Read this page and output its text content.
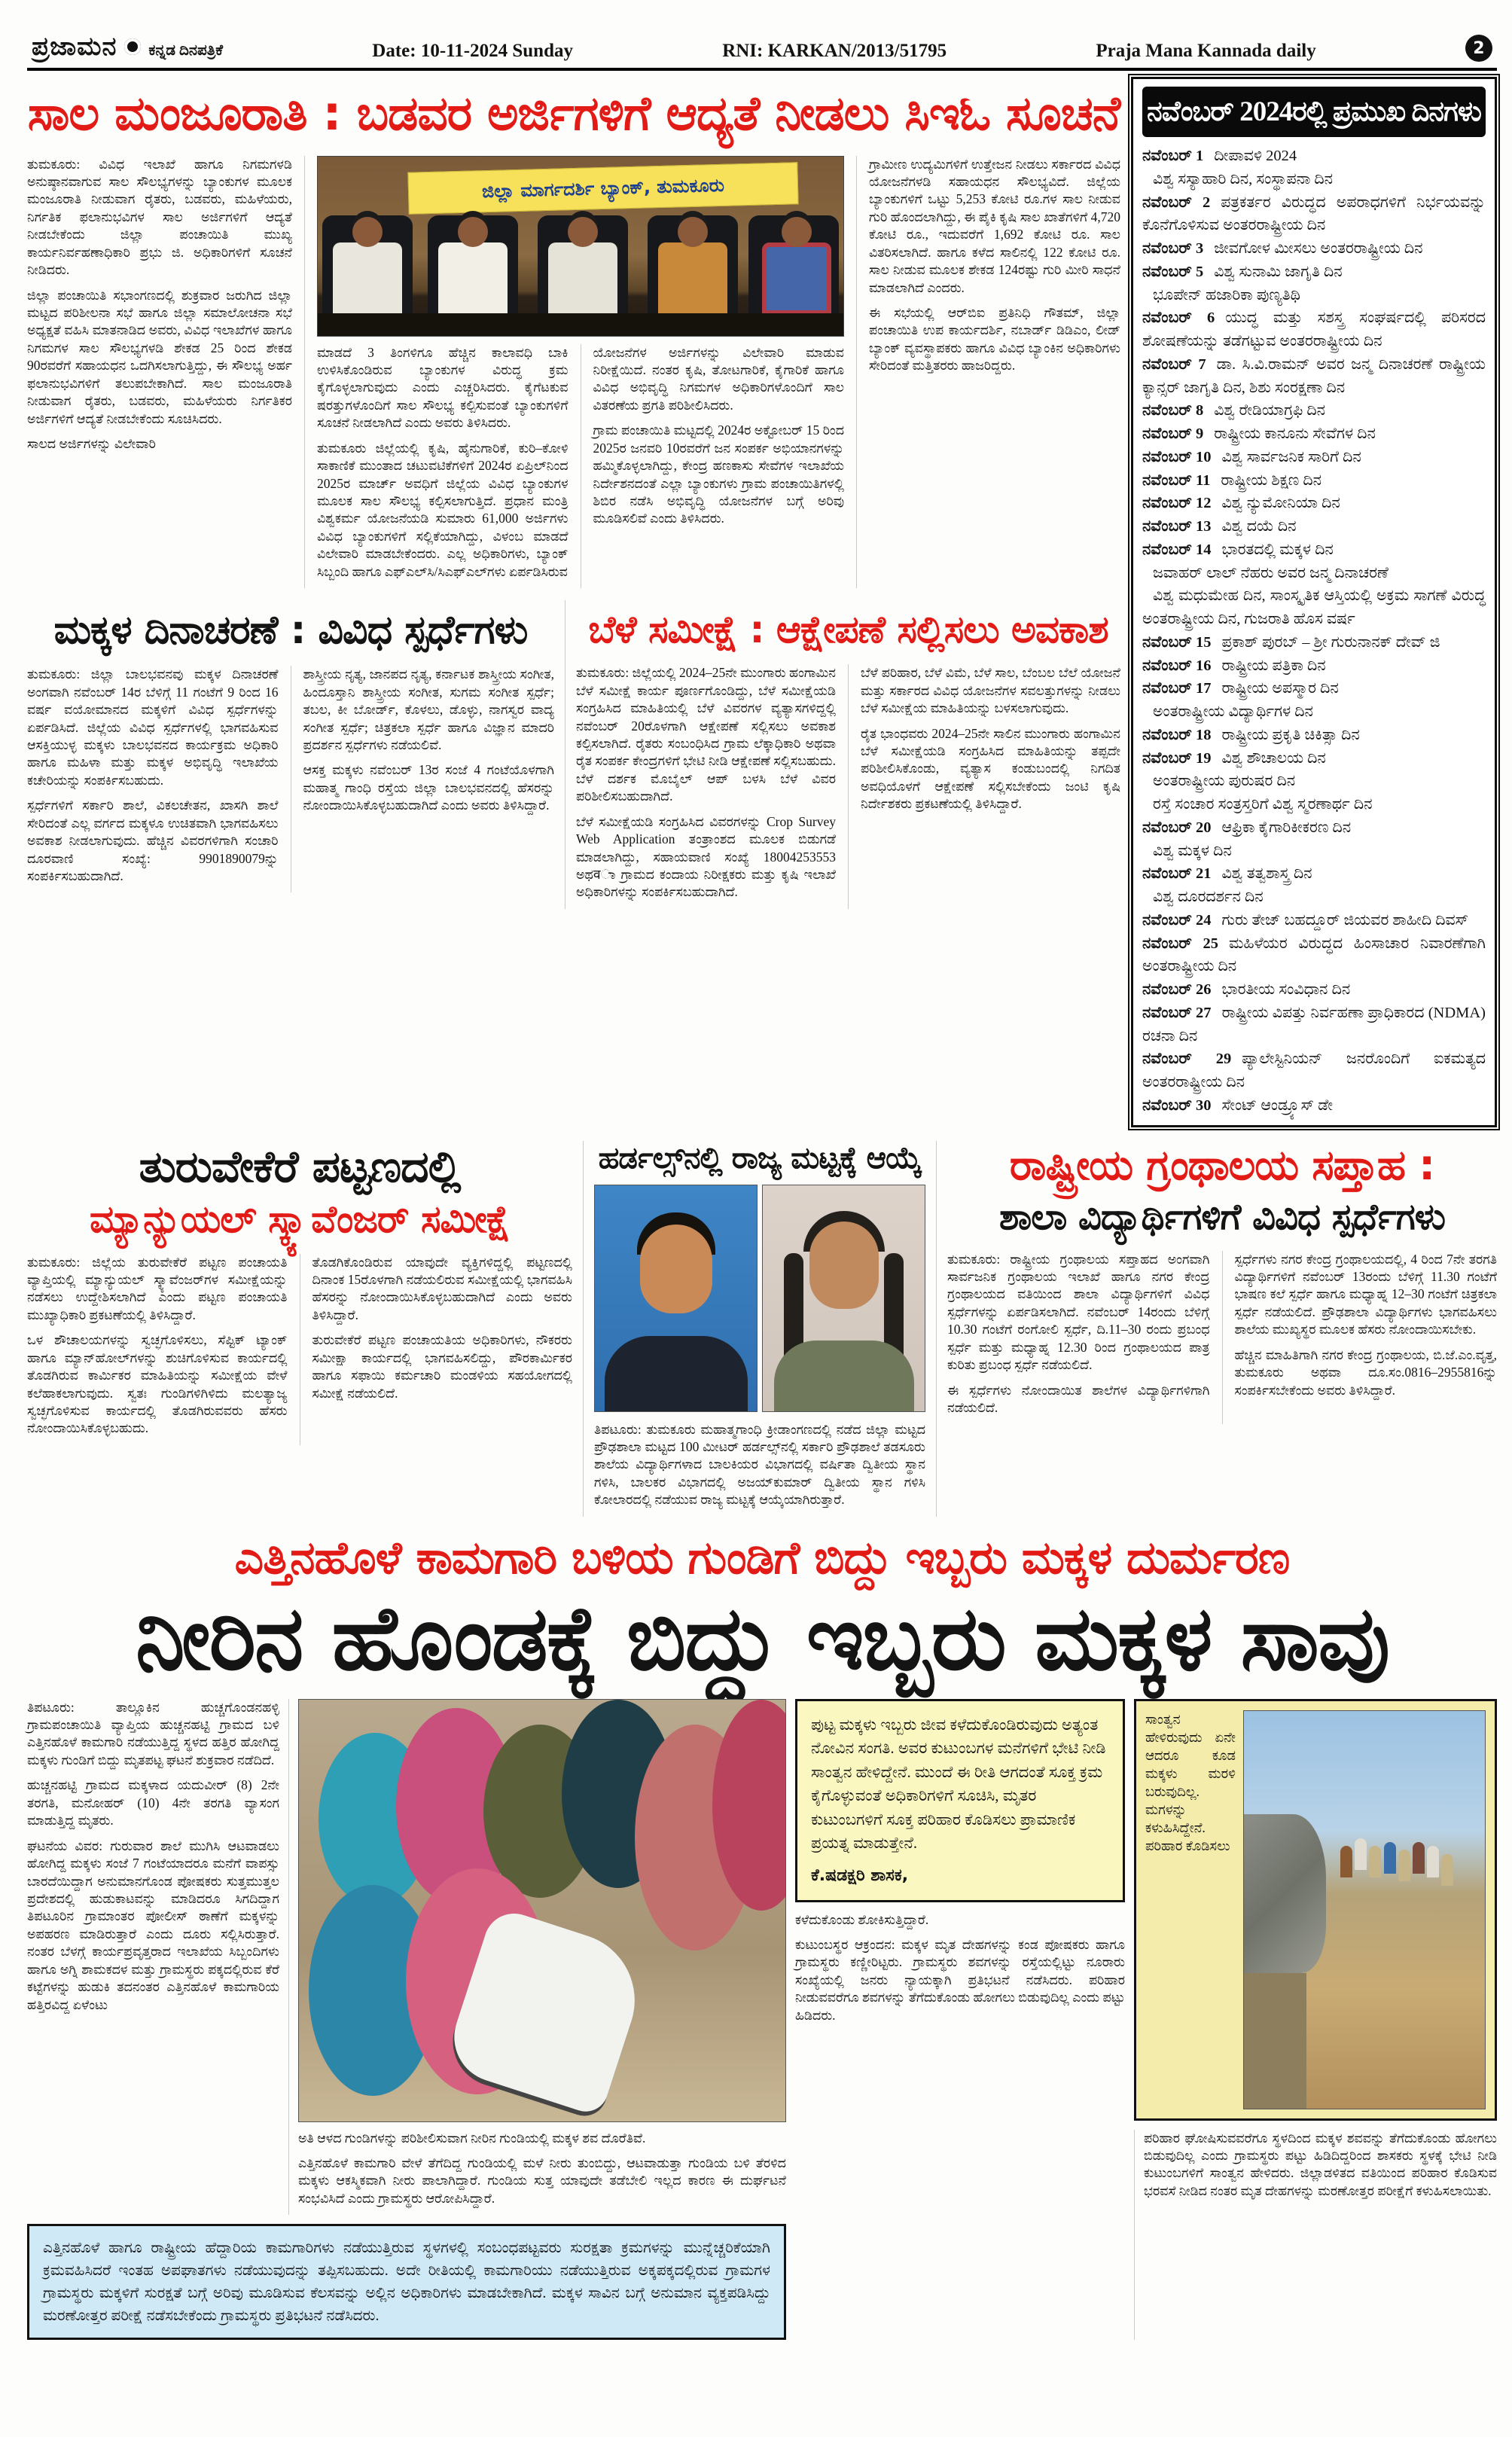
ಪ್ರಜಾಮನ ಕನ್ನಡ ದಿನಪತ್ರಿಕೆ	Date: 10-11-2024 Sunday	RNI: KARKAN/2013/51795	Praja Mana Kannada daily	2
ಸಾಲ ಮಂಜೂರಾತಿ : ಬಡವರ ಅರ್ಜಿಗಳಿಗೆ ಆದ್ಯತೆ ನೀಡಲು ಸಿಇಓ ಸೂಚನೆ

ತುಮಕೂರು: ವಿವಿಧ ಇಲಾಖೆ ಹಾಗೂ ನಿಗಮಗಳಡಿ ಅನುಷ್ಠಾನವಾಗುವ ಸಾಲ ಸೌಲಭ್ಯಗಳನ್ನು ಬ್ಯಾಂಕುಗಳ ಮೂಲಕ ಮಂಜೂರಾತಿ ನೀಡುವಾಗ ರೈತರು, ಬಡವರು, ಮಹಿಳೆಯರು, ನಿರ್ಗತಿಕ ಫಲಾನುಭವಿಗಳ ಸಾಲ ಅರ್ಜಿಗಳಿಗೆ ಆದ್ಯತೆ ನೀಡಬೇಕೆಂದು ಜಿಲ್ಲಾ ಪಂಚಾಯಿತಿ ಮುಖ್ಯ ಕಾರ್ಯನಿರ್ವಹಣಾಧಿಕಾರಿ ಪ್ರಭು ಜಿ. ಅಧಿಕಾರಿಗಳಿಗೆ ಸೂಚನೆ ನೀಡಿದರು.

ಜಿಲ್ಲಾ ಪಂಚಾಯಿತಿ ಸಭಾಂಗಣದಲ್ಲಿ ಶುಕ್ರವಾರ ಜರುಗಿದ ಜಿಲ್ಲಾ ಮಟ್ಟದ ಪರಿಶೀಲನಾ ಸಭೆ ಹಾಗೂ ಜಿಲ್ಲಾ ಸಮಾಲೋಚನಾ ಸಭೆ ಅಧ್ಯಕ್ಷತೆ ವಹಿಸಿ ಮಾತನಾಡಿದ ಅವರು, ವಿವಿಧ ಇಲಾಖೆಗಳ ಹಾಗೂ ನಿಗಮಗಳ ಸಾಲ ಸೌಲಭ್ಯಗಳಡಿ ಶೇಕಡ 25 ರಿಂದ ಶೇಕಡ 90ರವರೆಗೆ ಸಹಾಯಧನ ಒದಗಿಸಲಾಗುತ್ತಿದ್ದು, ಈ ಸೌಲಭ್ಯ ಅರ್ಹ ಫಲಾನುಭವಿಗಳಿಗೆ ತಲುಪಬೇಕಾಗಿದೆ. ಸಾಲ ಮಂಜೂರಾತಿ ನೀಡುವಾಗ ರೈತರು, ಬಡವರು, ಮಹಿಳೆಯರು ನಿರ್ಗತಿಕರ ಅರ್ಜಿಗಳಿಗೆ ಆದ್ಯತೆ ನೀಡಬೇಕೆಂದು ಸೂಚಿಸಿದರು.

ಸಾಲದ ಅರ್ಜಿಗಳನ್ನು ವಿಲೇವಾರಿ

ಜಿಲ್ಲಾ ಮಾರ್ಗದರ್ಶಿ ಬ್ಯಾಂಕ್, ತುಮಕೂರು

ಮಾಡದೆ 3 ತಿಂಗಳಿಗೂ ಹೆಚ್ಚಿನ ಕಾಲಾವಧಿ ಬಾಕಿ ಉಳಿಸಿಕೊಂಡಿರುವ ಬ್ಯಾಂಕುಗಳ ವಿರುದ್ಧ ಕ್ರಮ ಕೈಗೊಳ್ಳಲಾಗುವುದು ಎಂದು ಎಚ್ಚರಿಸಿದರು. ಕೈಗೆಟಕುವ ಷರತ್ತುಗಳೊಂದಿಗೆ ಸಾಲ ಸೌಲಭ್ಯ ಕಲ್ಪಿಸುವಂತೆ ಬ್ಯಾಂಕುಗಳಿಗೆ ಸೂಚನೆ ನೀಡಲಾಗಿದೆ ಎಂದು ಅವರು ತಿಳಿಸಿದರು.

ತುಮಕೂರು ಜಿಲ್ಲೆಯಲ್ಲಿ ಕೃಷಿ, ಹೈನುಗಾರಿಕೆ, ಕುರಿ–ಕೋಳಿ ಸಾಕಾಣಿಕೆ ಮುಂತಾದ ಚಟುವಟಿಕೆಗಳಿಗೆ 2024ರ ಏಪ್ರಿಲ್‌ನಿಂದ 2025ರ ಮಾರ್ಚ್ ಅವಧಿಗೆ ಜಿಲ್ಲೆಯ ವಿವಿಧ ಬ್ಯಾಂಕುಗಳ ಮೂಲಕ ಸಾಲ ಸೌಲಭ್ಯ ಕಲ್ಪಿಸಲಾಗುತ್ತಿದೆ. ಪ್ರಧಾನ ಮಂತ್ರಿ ವಿಶ್ವಕರ್ಮ ಯೋಜನೆಯಡಿ ಸುಮಾರು 61,000 ಅರ್ಜಿಗಳು ವಿವಿಧ ಬ್ಯಾಂಕುಗಳಿಗೆ ಸಲ್ಲಿಕೆಯಾಗಿದ್ದು, ವಿಳಂಬ ಮಾಡದೆ ವಿಲೇವಾರಿ ಮಾಡಬೇಕೆಂದರು. ಎಲ್ಲ ಅಧಿಕಾರಿಗಳು, ಬ್ಯಾಂಕ್ ಸಿಬ್ಬಂದಿ ಹಾಗೂ ಎಫ್‌ಎಲ್‌ಸಿ/ಸಿಎಫ್‌ಎಲ್‌ಗಳು ಏರ್ಪಡಿಸಿರುವ

ಯೋಜನೆಗಳ ಅರ್ಜಿಗಳನ್ನು ವಿಲೇವಾರಿ ಮಾಡುವ ನಿರೀಕ್ಷೆಯಿದೆ. ನಂತರ ಕೃಷಿ, ತೋಟಗಾರಿಕೆ, ಕೈಗಾರಿಕೆ ಹಾಗೂ ವಿವಿಧ ಅಭಿವೃದ್ಧಿ ನಿಗಮಗಳ ಅಧಿಕಾರಿಗಳೊಂದಿಗೆ ಸಾಲ ವಿತರಣೆಯ ಪ್ರಗತಿ ಪರಿಶೀಲಿಸಿದರು.

ಗ್ರಾಮ ಪಂಚಾಯಿತಿ ಮಟ್ಟದಲ್ಲಿ 2024ರ ಅಕ್ಟೋಬರ್ 15 ರಿಂದ 2025ರ ಜನವರಿ 10ರವರೆಗೆ ಜನ ಸಂಪರ್ಕ ಅಭಿಯಾನಗಳನ್ನು ಹಮ್ಮಿಕೊಳ್ಳಲಾಗಿದ್ದು, ಕೇಂದ್ರ ಹಣಕಾಸು ಸೇವೆಗಳ ಇಲಾಖೆಯ ನಿರ್ದೇಶನದಂತೆ ಎಲ್ಲಾ ಬ್ಯಾಂಕುಗಳು ಗ್ರಾಮ ಪಂಚಾಯಿತಿಗಳಲ್ಲಿ ಶಿಬಿರ ನಡೆಸಿ ಅಭಿವೃದ್ಧಿ ಯೋಜನೆಗಳ ಬಗ್ಗೆ ಅರಿವು ಮೂಡಿಸಲಿವೆ ಎಂದು ತಿಳಿಸಿದರು.

ಗ್ರಾಮೀಣ ಉದ್ಯಮಿಗಳಿಗೆ ಉತ್ತೇಜನ ನೀಡಲು ಸರ್ಕಾರದ ವಿವಿಧ ಯೋಜನೆಗಳಡಿ ಸಹಾಯಧನ ಸೌಲಭ್ಯವಿದೆ. ಜಿಲ್ಲೆಯ ಬ್ಯಾಂಕುಗಳಿಗೆ ಒಟ್ಟು 5,253 ಕೋಟಿ ರೂ.ಗಳ ಸಾಲ ನೀಡುವ ಗುರಿ ಹೊಂದಲಾಗಿದ್ದು, ಈ ಪೈಕಿ ಕೃಷಿ ಸಾಲ ಖಾತೆಗಳಿಗೆ 4,720 ಕೋಟಿ ರೂ., ಇದುವರೆಗೆ 1,692 ಕೋಟಿ ರೂ. ಸಾಲ ವಿತರಿಸಲಾಗಿದೆ. ಹಾಗೂ ಕಳೆದ ಸಾಲಿನಲ್ಲಿ 122 ಕೋಟಿ ರೂ. ಸಾಲ ನೀಡುವ ಮೂಲಕ ಶೇಕಡ 124ರಷ್ಟು ಗುರಿ ಮೀರಿ ಸಾಧನೆ ಮಾಡಲಾಗಿದೆ ಎಂದರು.

ಈ ಸಭೆಯಲ್ಲಿ ಆರ್‌ಬಿಐ ಪ್ರತಿನಿಧಿ ಗೌತಮ್, ಜಿಲ್ಲಾ ಪಂಚಾಯಿತಿ ಉಪ ಕಾರ್ಯದರ್ಶಿ, ನಬಾರ್ಡ್ ಡಿಡಿಎಂ, ಲೀಡ್ ಬ್ಯಾಂಕ್ ವ್ಯವಸ್ಥಾಪಕರು ಹಾಗೂ ವಿವಿಧ ಬ್ಯಾಂಕಿನ ಅಧಿಕಾರಿಗಳು ಸೇರಿದಂತೆ ಮತ್ತಿತರರು ಹಾಜರಿದ್ದರು.

ಮಕ್ಕಳ ದಿನಾಚರಣೆ : ವಿವಿಧ ಸ್ಪರ್ಧೆಗಳು

ತುಮಕೂರು: ಜಿಲ್ಲಾ ಬಾಲಭವನವು ಮಕ್ಕಳ ದಿನಾಚರಣೆ ಅಂಗವಾಗಿ ನವೆಂಬರ್ 14ರ ಬೆಳಿಗ್ಗೆ 11 ಗಂಟೆಗೆ 9 ರಿಂದ 16 ವರ್ಷ ವಯೋಮಾನದ ಮಕ್ಕಳಿಗೆ ವಿವಿಧ ಸ್ಪರ್ಧೆಗಳನ್ನು ಏರ್ಪಡಿಸಿದೆ. ಜಿಲ್ಲೆಯ ವಿವಿಧ ಸ್ಪರ್ಧೆಗಳಲ್ಲಿ ಭಾಗವಹಿಸುವ ಆಸಕ್ತಿಯುಳ್ಳ ಮಕ್ಕಳು ಬಾಲಭವನದ ಕಾರ್ಯಕ್ರಮ ಅಧಿಕಾರಿ ಹಾಗೂ ಮಹಿಳಾ ಮತ್ತು ಮಕ್ಕಳ ಅಭಿವೃದ್ಧಿ ಇಲಾಖೆಯ ಕಚೇರಿಯನ್ನು ಸಂಪರ್ಕಿಸಬಹುದು.

ಸ್ಪರ್ಧೆಗಳಿಗೆ ಸರ್ಕಾರಿ ಶಾಲೆ, ವಿಕಲಚೇತನ, ಖಾಸಗಿ ಶಾಲೆ ಸೇರಿದಂತೆ ಎಲ್ಲ ವರ್ಗದ ಮಕ್ಕಳೂ ಉಚಿತವಾಗಿ ಭಾಗವಹಿಸಲು ಅವಕಾಶ ನೀಡಲಾಗುವುದು. ಹೆಚ್ಚಿನ ವಿವರಗಳಿಗಾಗಿ ಸಂಚಾರಿ ದೂರವಾಣಿ ಸಂಖ್ಯೆ: 9901890079ನ್ನು ಸಂಪರ್ಕಿಸಬಹುದಾಗಿದೆ.

ಶಾಸ್ತ್ರೀಯ ನೃತ್ಯ, ಜಾನಪದ ನೃತ್ಯ, ಕರ್ನಾಟಕ ಶಾಸ್ತ್ರೀಯ ಸಂಗೀತ, ಹಿಂದೂಸ್ತಾನಿ ಶಾಸ್ತ್ರೀಯ ಸಂಗೀತ, ಸುಗಮ ಸಂಗೀತ ಸ್ಪರ್ಧೆ; ತಬಲ, ಕೀ ಬೋರ್ಡ್, ಕೊಳಲು, ಡೊಳ್ಳು, ನಾಗಸ್ವರ ವಾದ್ಯ ಸಂಗೀತ ಸ್ಪರ್ಧೆ; ಚಿತ್ರಕಲಾ ಸ್ಪರ್ಧೆ ಹಾಗೂ ವಿಜ್ಞಾನ ಮಾದರಿ ಪ್ರದರ್ಶನ ಸ್ಪರ್ಧೆಗಳು ನಡೆಯಲಿವೆ.

ಆಸಕ್ತ ಮಕ್ಕಳು ನವೆಂಬರ್ 13ರ ಸಂಜೆ 4 ಗಂಟೆಯೊಳಗಾಗಿ ಮಹಾತ್ಮ ಗಾಂಧಿ ರಸ್ತೆಯ ಜಿಲ್ಲಾ ಬಾಲಭವನದಲ್ಲಿ ಹೆಸರನ್ನು ನೋಂದಾಯಿಸಿಕೊಳ್ಳಬಹುದಾಗಿದೆ ಎಂದು ಅವರು ತಿಳಿಸಿದ್ದಾರೆ.

ಬೆಳೆ ಸಮೀಕ್ಷೆ : ಆಕ್ಷೇಪಣೆ ಸಲ್ಲಿಸಲು ಅವಕಾಶ

ತುಮಕೂರು: ಜಿಲ್ಲೆಯಲ್ಲಿ 2024–25ನೇ ಮುಂಗಾರು ಹಂಗಾಮಿನ ಬೆಳೆ ಸಮೀಕ್ಷೆ ಕಾರ್ಯ ಪೂರ್ಣಗೊಂಡಿದ್ದು, ಬೆಳೆ ಸಮೀಕ್ಷೆಯಡಿ ಸಂಗ್ರಹಿಸಿದ ಮಾಹಿತಿಯಲ್ಲಿ ಬೆಳೆ ವಿವರಗಳ ವ್ಯತ್ಯಾಸಗಳಿದ್ದಲ್ಲಿ ನವೆಂಬರ್ 20ರೊಳಗಾಗಿ ಆಕ್ಷೇಪಣೆ ಸಲ್ಲಿಸಲು ಅವಕಾಶ ಕಲ್ಪಿಸಲಾಗಿದೆ. ರೈತರು ಸಂಬಂಧಿಸಿದ ಗ್ರಾಮ ಲೆಕ್ಕಾಧಿಕಾರಿ ಅಥವಾ ರೈತ ಸಂಪರ್ಕ ಕೇಂದ್ರಗಳಿಗೆ ಭೇಟಿ ನೀಡಿ ಆಕ್ಷೇಪಣೆ ಸಲ್ಲಿಸಬಹುದು. ಬೆಳೆ ದರ್ಶಕ ಮೊಬೈಲ್ ಆಪ್ ಬಳಸಿ ಬೆಳೆ ವಿವರ ಪರಿಶೀಲಿಸಬಹುದಾಗಿದೆ.

ಬೆಳೆ ಸಮೀಕ್ಷೆಯಡಿ ಸಂಗ್ರಹಿಸಿದ ವಿವರಗಳನ್ನು Crop Survey Web Application ತಂತ್ರಾಂಶದ ಮೂಲಕ ಬಿಡುಗಡೆ ಮಾಡಲಾಗಿದ್ದು, ಸಹಾಯವಾಣಿ ಸಂಖ್ಯೆ 18004253553 ಅಥवಾ ಗ್ರಾಮದ ಕಂದಾಯ ನಿರೀಕ್ಷಕರು ಮತ್ತು ಕೃಷಿ ಇಲಾಖೆ ಅಧಿಕಾರಿಗಳನ್ನು ಸಂಪರ್ಕಿಸಬಹುದಾಗಿದೆ.

ಬೆಳೆ ಪರಿಹಾರ, ಬೆಳೆ ವಿಮೆ, ಬೆಳೆ ಸಾಲ, ಬೆಂಬಲ ಬೆಲೆ ಯೋಜನೆ ಮತ್ತು ಸರ್ಕಾರದ ವಿವಿಧ ಯೋಜನೆಗಳ ಸವಲತ್ತುಗಳನ್ನು ನೀಡಲು ಬೆಳೆ ಸಮೀಕ್ಷೆಯ ಮಾಹಿತಿಯನ್ನು ಬಳಸಲಾಗುವುದು.

ರೈತ ಭಾಂಧವರು 2024–25ನೇ ಸಾಲಿನ ಮುಂಗಾರು ಹಂಗಾಮಿನ ಬೆಳೆ ಸಮೀಕ್ಷೆಯಡಿ ಸಂಗ್ರಹಿಸಿದ ಮಾಹಿತಿಯನ್ನು ತಪ್ಪದೇ ಪರಿಶೀಲಿಸಿಕೊಂಡು, ವ್ಯತ್ಯಾಸ ಕಂಡುಬಂದಲ್ಲಿ ನಿಗದಿತ ಅವಧಿಯೊಳಗೆ ಆಕ್ಷೇಪಣೆ ಸಲ್ಲಿಸಬೇಕೆಂದು ಜಂಟಿ ಕೃಷಿ ನಿರ್ದೇಶಕರು ಪ್ರಕಟಣೆಯಲ್ಲಿ ತಿಳಿಸಿದ್ದಾರೆ.

ನವೆಂಬರ್ 2024ರಲ್ಲಿ ಪ್ರಮುಖ ದಿನಗಳು
ನವೆಂಬರ್ 1 ದೀಪಾವಳಿ 2024
ವಿಶ್ವ ಸಸ್ಯಾಹಾರಿ ದಿನ, ಸಂಸ್ಥಾಪನಾ ದಿನ
ನವೆಂಬರ್ 2 ಪತ್ರಕರ್ತರ ವಿರುದ್ಧದ ಅಪರಾಧಗಳಿಗೆ ನಿರ್ಭಯವನ್ನು ಕೊನೆಗೊಳಿಸುವ ಅಂತರರಾಷ್ಟ್ರೀಯ ದಿನ
ನವೆಂಬರ್ 3 ಜೀವಗೋಳ ಮೀಸಲು ಅಂತರರಾಷ್ಟ್ರೀಯ ದಿನ
ನವೆಂಬರ್ 5 ವಿಶ್ವ ಸುನಾಮಿ ಜಾಗೃತಿ ದಿನ
ಭೂಪೇನ್ ಹಜಾರಿಕಾ ಪುಣ್ಯತಿಥಿ
ನವೆಂಬರ್ 6 ಯುದ್ಧ ಮತ್ತು ಸಶಸ್ತ್ರ ಸಂಘರ್ಷದಲ್ಲಿ ಪರಿಸರದ ಶೋಷಣೆಯನ್ನು ತಡೆಗಟ್ಟುವ ಅಂತರರಾಷ್ಟ್ರೀಯ ದಿನ
ನವೆಂಬರ್ 7 ಡಾ. ಸಿ.ವಿ.ರಾಮನ್ ಅವರ ಜನ್ಮ ದಿನಾಚರಣೆ ರಾಷ್ಟ್ರೀಯ ಕ್ಯಾನ್ಸರ್ ಜಾಗೃತಿ ದಿನ, ಶಿಶು ಸಂರಕ್ಷಣಾ ದಿನ
ನವೆಂಬರ್ 8 ವಿಶ್ವ ರೇಡಿಯಾಗ್ರಫಿ ದಿನ
ನವೆಂಬರ್ 9 ರಾಷ್ಟ್ರೀಯ ಕಾನೂನು ಸೇವೆಗಳ ದಿನ
ನವೆಂಬರ್ 10 ವಿಶ್ವ ಸಾರ್ವಜನಿಕ ಸಾರಿಗೆ ದಿನ
ನವೆಂಬರ್ 11 ರಾಷ್ಟ್ರೀಯ ಶಿಕ್ಷಣ ದಿನ
ನವೆಂಬರ್ 12 ವಿಶ್ವ ನ್ಯುಮೋನಿಯಾ ದಿನ
ನವೆಂಬರ್ 13 ವಿಶ್ವ ದಯೆ ದಿನ
ನವೆಂಬರ್ 14 ಭಾರತದಲ್ಲಿ ಮಕ್ಕಳ ದಿನ
ಜವಾಹರ್ ಲಾಲ್ ನೆಹರು ಅವರ ಜನ್ಮ ದಿನಾಚರಣೆ
ವಿಶ್ವ ಮಧುಮೇಹ ದಿನ, ಸಾಂಸ್ಕೃತಿಕ ಆಸ್ತಿಯಲ್ಲಿ ಅಕ್ರಮ ಸಾಗಣೆ ವಿರುದ್ಧ ಅಂತರಾಷ್ಟ್ರೀಯ ದಿನ, ಗುಜರಾತಿ ಹೊಸ ವರ್ಷ
ನವೆಂಬರ್ 15 ಪ್ರಕಾಶ್ ಪುರಬ್ – ಶ್ರೀ ಗುರುನಾನಕ್ ದೇವ್ ಜಿ
ನವೆಂಬರ್ 16 ರಾಷ್ಟ್ರೀಯ ಪತ್ರಿಕಾ ದಿನ
ನವೆಂಬರ್ 17 ರಾಷ್ಟ್ರೀಯ ಅಪಸ್ಮಾರ ದಿನ
ಅಂತರಾಷ್ಟ್ರೀಯ ವಿದ್ಯಾರ್ಥಿಗಳ ದಿನ
ನವೆಂಬರ್ 18 ರಾಷ್ಟ್ರೀಯ ಪ್ರಕೃತಿ ಚಿಕಿತ್ಸಾ ದಿನ
ನವೆಂಬರ್ 19 ವಿಶ್ವ ಶೌಚಾಲಯ ದಿನ
ಅಂತರಾಷ್ಟ್ರೀಯ ಪುರುಷರ ದಿನ
ರಸ್ತೆ ಸಂಚಾರ ಸಂತ್ರಸ್ತರಿಗೆ ವಿಶ್ವ ಸ್ಮರಣಾರ್ಥ ದಿನ
ನವೆಂಬರ್ 20 ಆಫ್ರಿಕಾ ಕೈಗಾರಿಕೀಕರಣ ದಿನ
ವಿಶ್ವ ಮಕ್ಕಳ ದಿನ
ನವೆಂಬರ್ 21 ವಿಶ್ವ ತತ್ವಶಾಸ್ತ್ರ ದಿನ
ವಿಶ್ವ ದೂರದರ್ಶನ ದಿನ
ನವೆಂಬರ್ 24 ಗುರು ತೇಜ್ ಬಹದ್ದೂರ್ ಜಿಯವರ ಶಾಹೀದಿ ದಿವಸ್
ನವೆಂಬರ್ 25 ಮಹಿಳೆಯರ ವಿರುದ್ಧದ ಹಿಂಸಾಚಾರ ನಿವಾರಣೆಗಾಗಿ ಅಂತರಾಷ್ಟ್ರೀಯ ದಿನ
ನವೆಂಬರ್ 26 ಭಾರತೀಯ ಸಂವಿಧಾನ ದಿನ
ನವೆಂಬರ್ 27 ರಾಷ್ಟ್ರೀಯ ವಿಪತ್ತು ನಿರ್ವಹಣಾ ಪ್ರಾಧಿಕಾರದ (NDMA) ರಚನಾ ದಿನ
ನವೆಂಬರ್ 29 ಪ್ಯಾಲೇಸ್ಟಿನಿಯನ್ ಜನರೊಂದಿಗೆ ಐಕಮತ್ಯದ ಅಂತರರಾಷ್ಟ್ರೀಯ ದಿನ
ನವೆಂಬರ್ 30 ಸೇಂಟ್ ಆಂಡ್ರ್ಯೂಸ್ ಡೇ
ತುರುವೇಕೆರೆ ಪಟ್ಟಣದಲ್ಲಿ
ಮ್ಯಾನ್ಯುಯಲ್ ಸ್ಕ್ಯಾವೆಂಜರ್ ಸಮೀಕ್ಷೆ

ತುಮಕೂರು: ಜಿಲ್ಲೆಯ ತುರುವೇಕೆರೆ ಪಟ್ಟಣ ಪಂಚಾಯತಿ ವ್ಯಾಪ್ತಿಯಲ್ಲಿ ಮ್ಯಾನ್ಯುಯಲ್ ಸ್ಕ್ಯಾವೆಂಜರ್‌ಗಳ ಸಮೀಕ್ಷೆಯನ್ನು ನಡೆಸಲು ಉದ್ದೇಶಿಸಲಾಗಿದೆ ಎಂದು ಪಟ್ಟಣ ಪಂಚಾಯತಿ ಮುಖ್ಯಾಧಿಕಾರಿ ಪ್ರಕಟಣೆಯಲ್ಲಿ ತಿಳಿಸಿದ್ದಾರೆ.

ಒಳ ಶೌಚಾಲಯಗಳನ್ನು ಸ್ವಚ್ಛಗೊಳಿಸಲು, ಸೆಪ್ಟಿಕ್ ಟ್ಯಾಂಕ್ ಹಾಗೂ ಮ್ಯಾನ್‌ಹೋಲ್‌ಗಳನ್ನು ಶುಚಿಗೊಳಿಸುವ ಕಾರ್ಯದಲ್ಲಿ ತೊಡಗಿರುವ ಕಾರ್ಮಿಕರ ಮಾಹಿತಿಯನ್ನು ಸಮೀಕ್ಷೆಯ ವೇಳೆ ಕಲೆಹಾಕಲಾಗುವುದು. ಸ್ವತಃ ಗುಂಡಿಗಳಿಗಿಳಿದು ಮಲತ್ಯಾಜ್ಯ ಸ್ವಚ್ಛಗೊಳಿಸುವ ಕಾರ್ಯದಲ್ಲಿ ತೊಡಗಿರುವವರು ಹೆಸರು ನೋಂದಾಯಿಸಿಕೊಳ್ಳಬಹುದು.

ತೊಡಗಿಕೊಂಡಿರುವ ಯಾವುದೇ ವ್ಯಕ್ತಿಗಳಿದ್ದಲ್ಲಿ ಪಟ್ಟಣದಲ್ಲಿ ದಿನಾಂಕ 15ರೊಳಗಾಗಿ ನಡೆಯಲಿರುವ ಸಮೀಕ್ಷೆಯಲ್ಲಿ ಭಾಗವಹಿಸಿ ಹೆಸರನ್ನು ನೋಂದಾಯಿಸಿಕೊಳ್ಳಬಹುದಾಗಿದೆ ಎಂದು ಅವರು ತಿಳಿಸಿದ್ದಾರೆ.

ತುರುವೇಕೆರೆ ಪಟ್ಟಣ ಪಂಚಾಯತಿಯ ಅಧಿಕಾರಿಗಳು, ನೌಕರರು ಸಮೀಕ್ಷಾ ಕಾರ್ಯದಲ್ಲಿ ಭಾಗವಹಿಸಲಿದ್ದು, ಪೌರಕಾರ್ಮಿಕರ ಹಾಗೂ ಸಫಾಯಿ ಕರ್ಮಚಾರಿ ಮಂಡಳಿಯ ಸಹಯೋಗದಲ್ಲಿ ಸಮೀಕ್ಷೆ ನಡೆಯಲಿದೆ.

ಹರ್ಡಲ್ಸ್‌ನಲ್ಲಿ ರಾಜ್ಯ ಮಟ್ಟಕ್ಕೆ ಆಯ್ಕೆ

ತಿಪಟೂರು: ತುಮಕೂರು ಮಹಾತ್ಮಗಾಂಧಿ ಕ್ರೀಡಾಂಗಣದಲ್ಲಿ ನಡೆದ ಜಿಲ್ಲಾ ಮಟ್ಟದ ಪ್ರೌಢಶಾಲಾ ಮಟ್ಟದ 100 ಮೀಟರ್ ಹರ್ಡಲ್ಸ್‌ನಲ್ಲಿ ಸರ್ಕಾರಿ ಪ್ರೌಢಶಾಲೆ ತಡಸೂರು ಶಾಲೆಯ ವಿದ್ಯಾರ್ಥಿಗಳಾದ ಬಾಲಕಿಯರ ವಿಭಾಗದಲ್ಲಿ ವರ್ಷಿತಾ ದ್ವಿತೀಯ ಸ್ಥಾನ ಗಳಿಸಿ, ಬಾಲಕರ ವಿಭಾಗದಲ್ಲಿ ಅಜಯ್‌ಕುಮಾರ್ ದ್ವಿತೀಯ ಸ್ಥಾನ ಗಳಿಸಿ ಕೋಲಾರದಲ್ಲಿ ನಡೆಯುವ ರಾಜ್ಯ ಮಟ್ಟಕ್ಕೆ ಆಯ್ಕೆಯಾಗಿರುತ್ತಾರೆ.

ರಾಷ್ಟ್ರೀಯ ಗ್ರಂಥಾಲಯ ಸಪ್ತಾಹ :
ಶಾಲಾ ವಿದ್ಯಾರ್ಥಿಗಳಿಗೆ ವಿವಿಧ ಸ್ಪರ್ಧೆಗಳು

ತುಮಕೂರು: ರಾಷ್ಟ್ರೀಯ ಗ್ರಂಥಾಲಯ ಸಪ್ತಾಹದ ಅಂಗವಾಗಿ ಸಾರ್ವಜನಿಕ ಗ್ರಂಥಾಲಯ ಇಲಾಖೆ ಹಾಗೂ ನಗರ ಕೇಂದ್ರ ಗ್ರಂಥಾಲಯದ ವತಿಯಿಂದ ಶಾಲಾ ವಿದ್ಯಾರ್ಥಿಗಳಿಗೆ ವಿವಿಧ ಸ್ಪರ್ಧೆಗಳನ್ನು ಏರ್ಪಡಿಸಲಾಗಿದೆ. ನವೆಂಬರ್ 14ರಂದು ಬೆಳಿಗ್ಗೆ 10.30 ಗಂಟೆಗೆ ರಂಗೋಲಿ ಸ್ಪರ್ಧೆ, ದಿ.11–30 ರಂದು ಪ್ರಬಂಧ ಸ್ಪರ್ಧೆ ಮತ್ತು ಮಧ್ಯಾಹ್ನ 12.30 ರಿಂದ ಗ್ರಂಥಾಲಯದ ಪಾತ್ರ ಕುರಿತು ಪ್ರಬಂಧ ಸ್ಪರ್ಧೆ ನಡೆಯಲಿದೆ.

ಈ ಸ್ಪರ್ಧೆಗಳು ನೋಂದಾಯಿತ ಶಾಲೆಗಳ ವಿದ್ಯಾರ್ಥಿಗಳಿಗಾಗಿ ನಡೆಯಲಿದೆ.

ಸ್ಪರ್ಧೆಗಳು ನಗರ ಕೇಂದ್ರ ಗ್ರಂಥಾಲಯದಲ್ಲಿ, 4 ರಿಂದ 7ನೇ ತರಗತಿ ವಿದ್ಯಾರ್ಥಿಗಳಿಗೆ ನವೆಂಬರ್ 13ರಂದು ಬೆಳಿಗ್ಗೆ 11.30 ಗಂಟೆಗೆ ಭಾಷಣ ಕಲೆ ಸ್ಪರ್ಧೆ ಹಾಗೂ ಮಧ್ಯಾಹ್ನ 12–30 ಗಂಟೆಗೆ ಚಿತ್ರಕಲಾ ಸ್ಪರ್ಧೆ ನಡೆಯಲಿದೆ. ಪ್ರೌಢಶಾಲಾ ವಿದ್ಯಾರ್ಥಿಗಳು ಭಾಗವಹಿಸಲು ಶಾಲೆಯ ಮುಖ್ಯಸ್ಥರ ಮೂಲಕ ಹೆಸರು ನೋಂದಾಯಿಸಬೇಕು.

ಹೆಚ್ಚಿನ ಮಾಹಿತಿಗಾಗಿ ನಗರ ಕೇಂದ್ರ ಗ್ರಂಥಾಲಯ, ಬಿ.ಜೆ.ಎಂ.ವೃತ್ತ, ತುಮಕೂರು ಅಥವಾ ದೂ.ಸಂ.0816–2955816ನ್ನು ಸಂಪರ್ಕಿಸಬೇಕೆಂದು ಅವರು ತಿಳಿಸಿದ್ದಾರೆ.

ಎತ್ತಿನಹೊಳೆ ಕಾಮಗಾರಿ ಬಳಿಯ ಗುಂಡಿಗೆ ಬಿದ್ದು ಇಬ್ಬರು ಮಕ್ಕಳ ದುರ್ಮರಣ
ನೀರಿನ ಹೊಂಡಕ್ಕೆ ಬಿದ್ದು ಇಬ್ಬರು ಮಕ್ಕಳ ಸಾವು

ತಿಪಟೂರು: ತಾಲ್ಲೂಕಿನ ಹುಚ್ಚಗೊಂಡನಹಳ್ಳಿ ಗ್ರಾಮಪಂಚಾಯಿತಿ ವ್ಯಾಪ್ತಿಯ ಹುಚ್ಚನಹಟ್ಟಿ ಗ್ರಾಮದ ಬಳಿ ಎತ್ತಿನಹೊಳೆ ಕಾಮಗಾರಿ ನಡೆಯುತ್ತಿದ್ದ ಸ್ಥಳದ ಹತ್ತಿರ ಹೋಗಿದ್ದ ಮಕ್ಕಳು ಗುಂಡಿಗೆ ಬಿದ್ದು ಮೃತಪಟ್ಟ ಘಟನೆ ಶುಕ್ರವಾರ ನಡೆದಿದೆ.

ಹುಚ್ಚನಹಟ್ಟಿ ಗ್ರಾಮದ ಮಕ್ಕಳಾದ ಯದುವೀರ್ (8) 2ನೇ ತರಗತಿ, ಮನೋಹರ್ (10) 4ನೇ ತರಗತಿ ವ್ಯಾಸಂಗ ಮಾಡುತ್ತಿದ್ದ ಮೃತರು.

ಘಟನೆಯ ವಿವರ: ಗುರುವಾರ ಶಾಲೆ ಮುಗಿಸಿ ಆಟವಾಡಲು ಹೋಗಿದ್ದ ಮಕ್ಕಳು ಸಂಜೆ 7 ಗಂಟೆಯಾದರೂ ಮನೆಗೆ ವಾಪಸ್ಸು ಬಾರದೆಯಿದ್ದಾಗ ಅನುಮಾನಗೊಂಡ ಪೋಷಕರು ಸುತ್ತಮುತ್ತಲ ಪ್ರದೇಶದಲ್ಲಿ ಹುಡುಕಾಟವನ್ನು ಮಾಡಿದರೂ ಸಿಗದಿದ್ದಾಗ ತಿಪಟೂರಿನ ಗ್ರಾಮಾಂತರ ಪೋಲೀಸ್ ಠಾಣೆಗೆ ಮಕ್ಕಳನ್ನು ಅಪಹರಣ ಮಾಡಿರುತ್ತಾರೆ ಎಂದು ದೂರು ಸಲ್ಲಿಸಿರುತ್ತಾರೆ. ನಂತರ ಬೆಳಗ್ಗೆ ಕಾರ್ಯಪ್ರವೃತ್ತರಾದ ಇಲಾಖೆಯ ಸಿಬ್ಬಂದಿಗಳು ಹಾಗೂ ಅಗ್ನಿ ಶಾಮಕದಳ ಮತ್ತು ಗ್ರಾಮಸ್ಥರು ಪಕ್ಕದಲ್ಲಿರುವ ಕೆರೆ ಕಟ್ಟೆಗಳನ್ನು ಹುಡುಕಿ ತದನಂತರ ಎತ್ತಿನಹೊಳೆ ಕಾಮಗಾರಿಯ ಹತ್ತಿರವಿದ್ದ ಏಳೆಂಟು

ಪುಟ್ಟ ಮಕ್ಕಳು ಇಬ್ಬರು ಜೀವ ಕಳೆದುಕೊಂಡಿರುವುದು ಅತ್ಯಂತ ನೋವಿನ ಸಂಗತಿ. ಅವರ ಕುಟುಂಬಗಳ ಮನೆಗಳಿಗೆ ಭೇಟಿ ನೀಡಿ ಸಾಂತ್ವನ ಹೇಳಿದ್ದೇನೆ. ಮುಂದೆ ಈ ರೀತಿ ಆಗದಂತೆ ಸೂಕ್ತ ಕ್ರಮ ಕೈಗೊಳ್ಳುವಂತೆ ಅಧಿಕಾರಿಗಳಿಗೆ ಸೂಚಿಸಿ, ಮೃತರ ಕುಟುಂಬಗಳಿಗೆ ಸೂಕ್ತ ಪರಿಹಾರ ಕೊಡಿಸಲು ಪ್ರಾಮಾಣಿಕ ಪ್ರಯತ್ನ ಮಾಡುತ್ತೇನೆ.
ಕೆ.ಷಡಕ್ಷರಿ ಶಾಸಕ,

ಕಳೆದುಕೊಂಡು ಶೋಕಿಸುತ್ತಿದ್ದಾರೆ.

ಕುಟುಂಬಸ್ಥರ ಆಕ್ರಂದನ: ಮಕ್ಕಳ ಮೃತ ದೇಹಗಳನ್ನು ಕಂಡ ಪೋಷಕರು ಹಾಗೂ ಗ್ರಾಮಸ್ಥರು ಕಣ್ಣೀರಿಟ್ಟರು. ಗ್ರಾಮಸ್ಥರು ಶವಗಳನ್ನು ರಸ್ತೆಯಲ್ಲಿಟ್ಟು ನೂರಾರು ಸಂಖ್ಯೆಯಲ್ಲಿ ಜನರು ನ್ಯಾಯಕ್ಕಾಗಿ ಪ್ರತಿಭಟನೆ ನಡೆಸಿದರು. ಪರಿಹಾರ ನೀಡುವವರೆಗೂ ಶವಗಳನ್ನು ತೆಗೆದುಕೊಂಡು ಹೋಗಲು ಬಿಡುವುದಿಲ್ಲ ಎಂದು ಪಟ್ಟು ಹಿಡಿದರು.

ಸಾಂತ್ವನ ಹೇಳಿರುವುದು ಏನೇ ಆದರೂ ಕೂಡ ಮಕ್ಕಳು ಮರಳಿ ಬರುವುದಿಲ್ಲ. ಮಗಳನ್ನು ಕಳುಹಿಸಿದ್ದೇನೆ. ಪರಿಹಾರ ಕೊಡಿಸಲು

ಅತಿ ಆಳದ ಗುಂಡಿಗಳನ್ನು ಪರಿಶೀಲಿಸುವಾಗ ನೀರಿನ ಗುಂಡಿಯಲ್ಲಿ ಮಕ್ಕಳ ಶವ ದೊರೆತಿವೆ.

ಎತ್ತಿನಹೊಳೆ ಕಾಮಗಾರಿ ವೇಳೆ ತೆಗೆದಿದ್ದ ಗುಂಡಿಯಲ್ಲಿ ಮಳೆ ನೀರು ತುಂಬಿದ್ದು, ಆಟವಾಡುತ್ತಾ ಗುಂಡಿಯ ಬಳಿ ತೆರಳಿದ ಮಕ್ಕಳು ಆಕಸ್ಮಿಕವಾಗಿ ನೀರು ಪಾಲಾಗಿದ್ದಾರೆ. ಗುಂಡಿಯ ಸುತ್ತ ಯಾವುದೇ ತಡೆಬೇಲಿ ಇಲ್ಲದ ಕಾರಣ ಈ ದುರ್ಘಟನೆ ಸಂಭವಿಸಿದೆ ಎಂದು ಗ್ರಾಮಸ್ಥರು ಆರೋಪಿಸಿದ್ದಾರೆ.

ಪರಿಹಾರ ಘೋಷಿಸುವವರೆಗೂ ಸ್ಥಳದಿಂದ ಮಕ್ಕಳ ಶವವನ್ನು ತೆಗೆದುಕೊಂಡು ಹೋಗಲು ಬಿಡುವುದಿಲ್ಲ ಎಂದು ಗ್ರಾಮಸ್ಥರು ಪಟ್ಟು ಹಿಡಿದಿದ್ದರಿಂದ ಶಾಸಕರು ಸ್ಥಳಕ್ಕೆ ಭೇಟಿ ನೀಡಿ ಕುಟುಂಬಗಳಿಗೆ ಸಾಂತ್ವನ ಹೇಳಿದರು. ಜಿಲ್ಲಾಡಳಿತದ ವತಿಯಿಂದ ಪರಿಹಾರ ಕೊಡಿಸುವ ಭರವಸೆ ನೀಡಿದ ನಂತರ ಮೃತ ದೇಹಗಳನ್ನು ಮರಣೋತ್ತರ ಪರೀಕ್ಷೆಗೆ ಕಳುಹಿಸಲಾಯಿತು.

ಎತ್ತಿನಹೊಳೆ ಹಾಗೂ ರಾಷ್ಟ್ರೀಯ ಹೆದ್ದಾರಿಯ ಕಾಮಗಾರಿಗಳು ನಡೆಯುತ್ತಿರುವ ಸ್ಥಳಗಳಲ್ಲಿ ಸಂಬಂ‍ಧಪಟ್ಟವರು ಸುರಕ್ಷತಾ ಕ್ರಮಗಳನ್ನು ಮುನ್ನೆಚ್ಚರಿಕೆಯಾಗಿ ಕ್ರಮವಹಿಸಿದರೆ ಇಂತಹ ಅಪಘಾತಗಳು ನಡೆಯುವುದನ್ನು ತಪ್ಪಿಸಬಹುದು. ಅದೇ ರೀತಿಯಲ್ಲಿ ಕಾಮಗಾರಿಯು ನಡೆಯುತ್ತಿರುವ ಅಕ್ಕಪಕ್ಕದಲ್ಲಿರುವ ಗ್ರಾಮಗಳ ಗ್ರಾಮಸ್ಥರು ಮಕ್ಕಳಿಗೆ ಸುರಕ್ಷತೆ ಬಗ್ಗೆ ಅರಿವು ಮೂಡಿಸುವ ಕೆಲಸವನ್ನು ಅಲ್ಲಿನ ಅಧಿಕಾರಿಗಳು ಮಾಡಬೇಕಾಗಿದೆ. ಮಕ್ಕಳ ಸಾವಿನ ಬಗ್ಗೆ ಅನುಮಾನ ವ್ಯಕ್ತಪಡಿಸಿದ್ದು ಮರಣೋತ್ತರ ಪರೀಕ್ಷೆ ನಡೆಸಬೇಕೆಂದು ಗ್ರಾಮಸ್ಥರು ಪ್ರತಿಭಟನೆ ನಡೆಸಿದರು.
